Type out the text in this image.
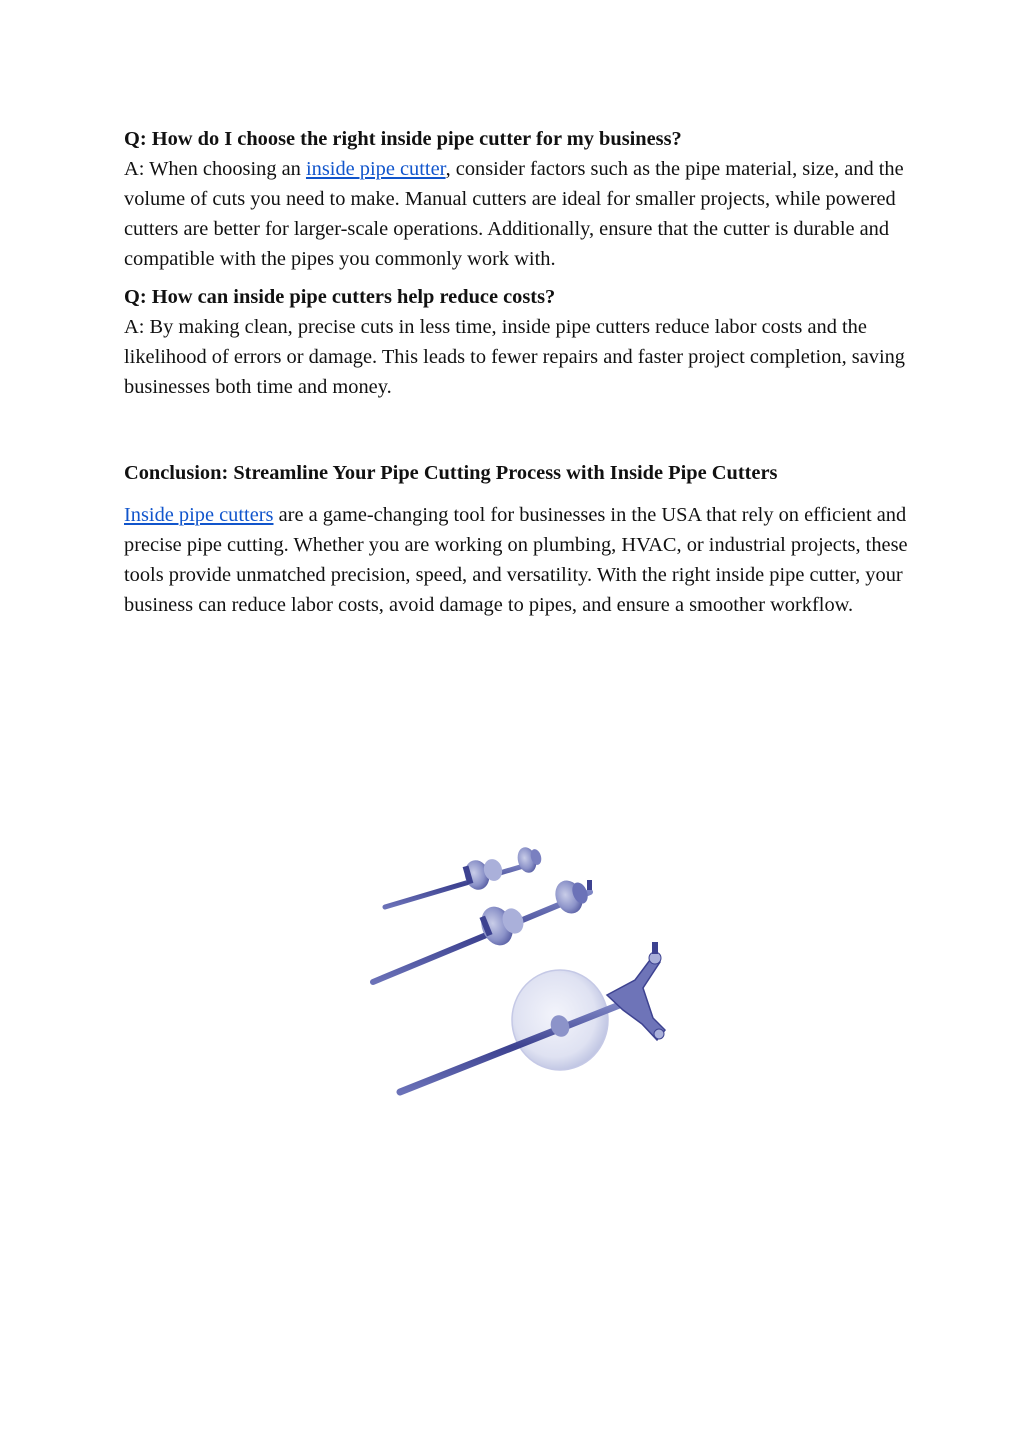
Q: How do I choose the right inside pipe cutter for my business?

A: When choosing an inside pipe cutter, consider factors such as the pipe material, size, and the volume of cuts you need to make. Manual cutters are ideal for smaller projects, while powered cutters are better for larger-scale operations. Additionally, ensure that the cutter is durable and compatible with the pipes you commonly work with.

Q: How can inside pipe cutters help reduce costs?

A: By making clean, precise cuts in less time, inside pipe cutters reduce labor costs and the likelihood of errors or damage. This leads to fewer repairs and faster project completion, saving businesses both time and money.

Conclusion: Streamline Your Pipe Cutting Process with Inside Pipe Cutters

Inside pipe cutters are a game-changing tool for businesses in the USA that rely on efficient and precise pipe cutting. Whether you are working on plumbing, HVAC, or industrial projects, these tools provide unmatched precision, speed, and versatility. With the right inside pipe cutter, your business can reduce labor costs, avoid damage to pipes, and ensure a smoother workflow.
